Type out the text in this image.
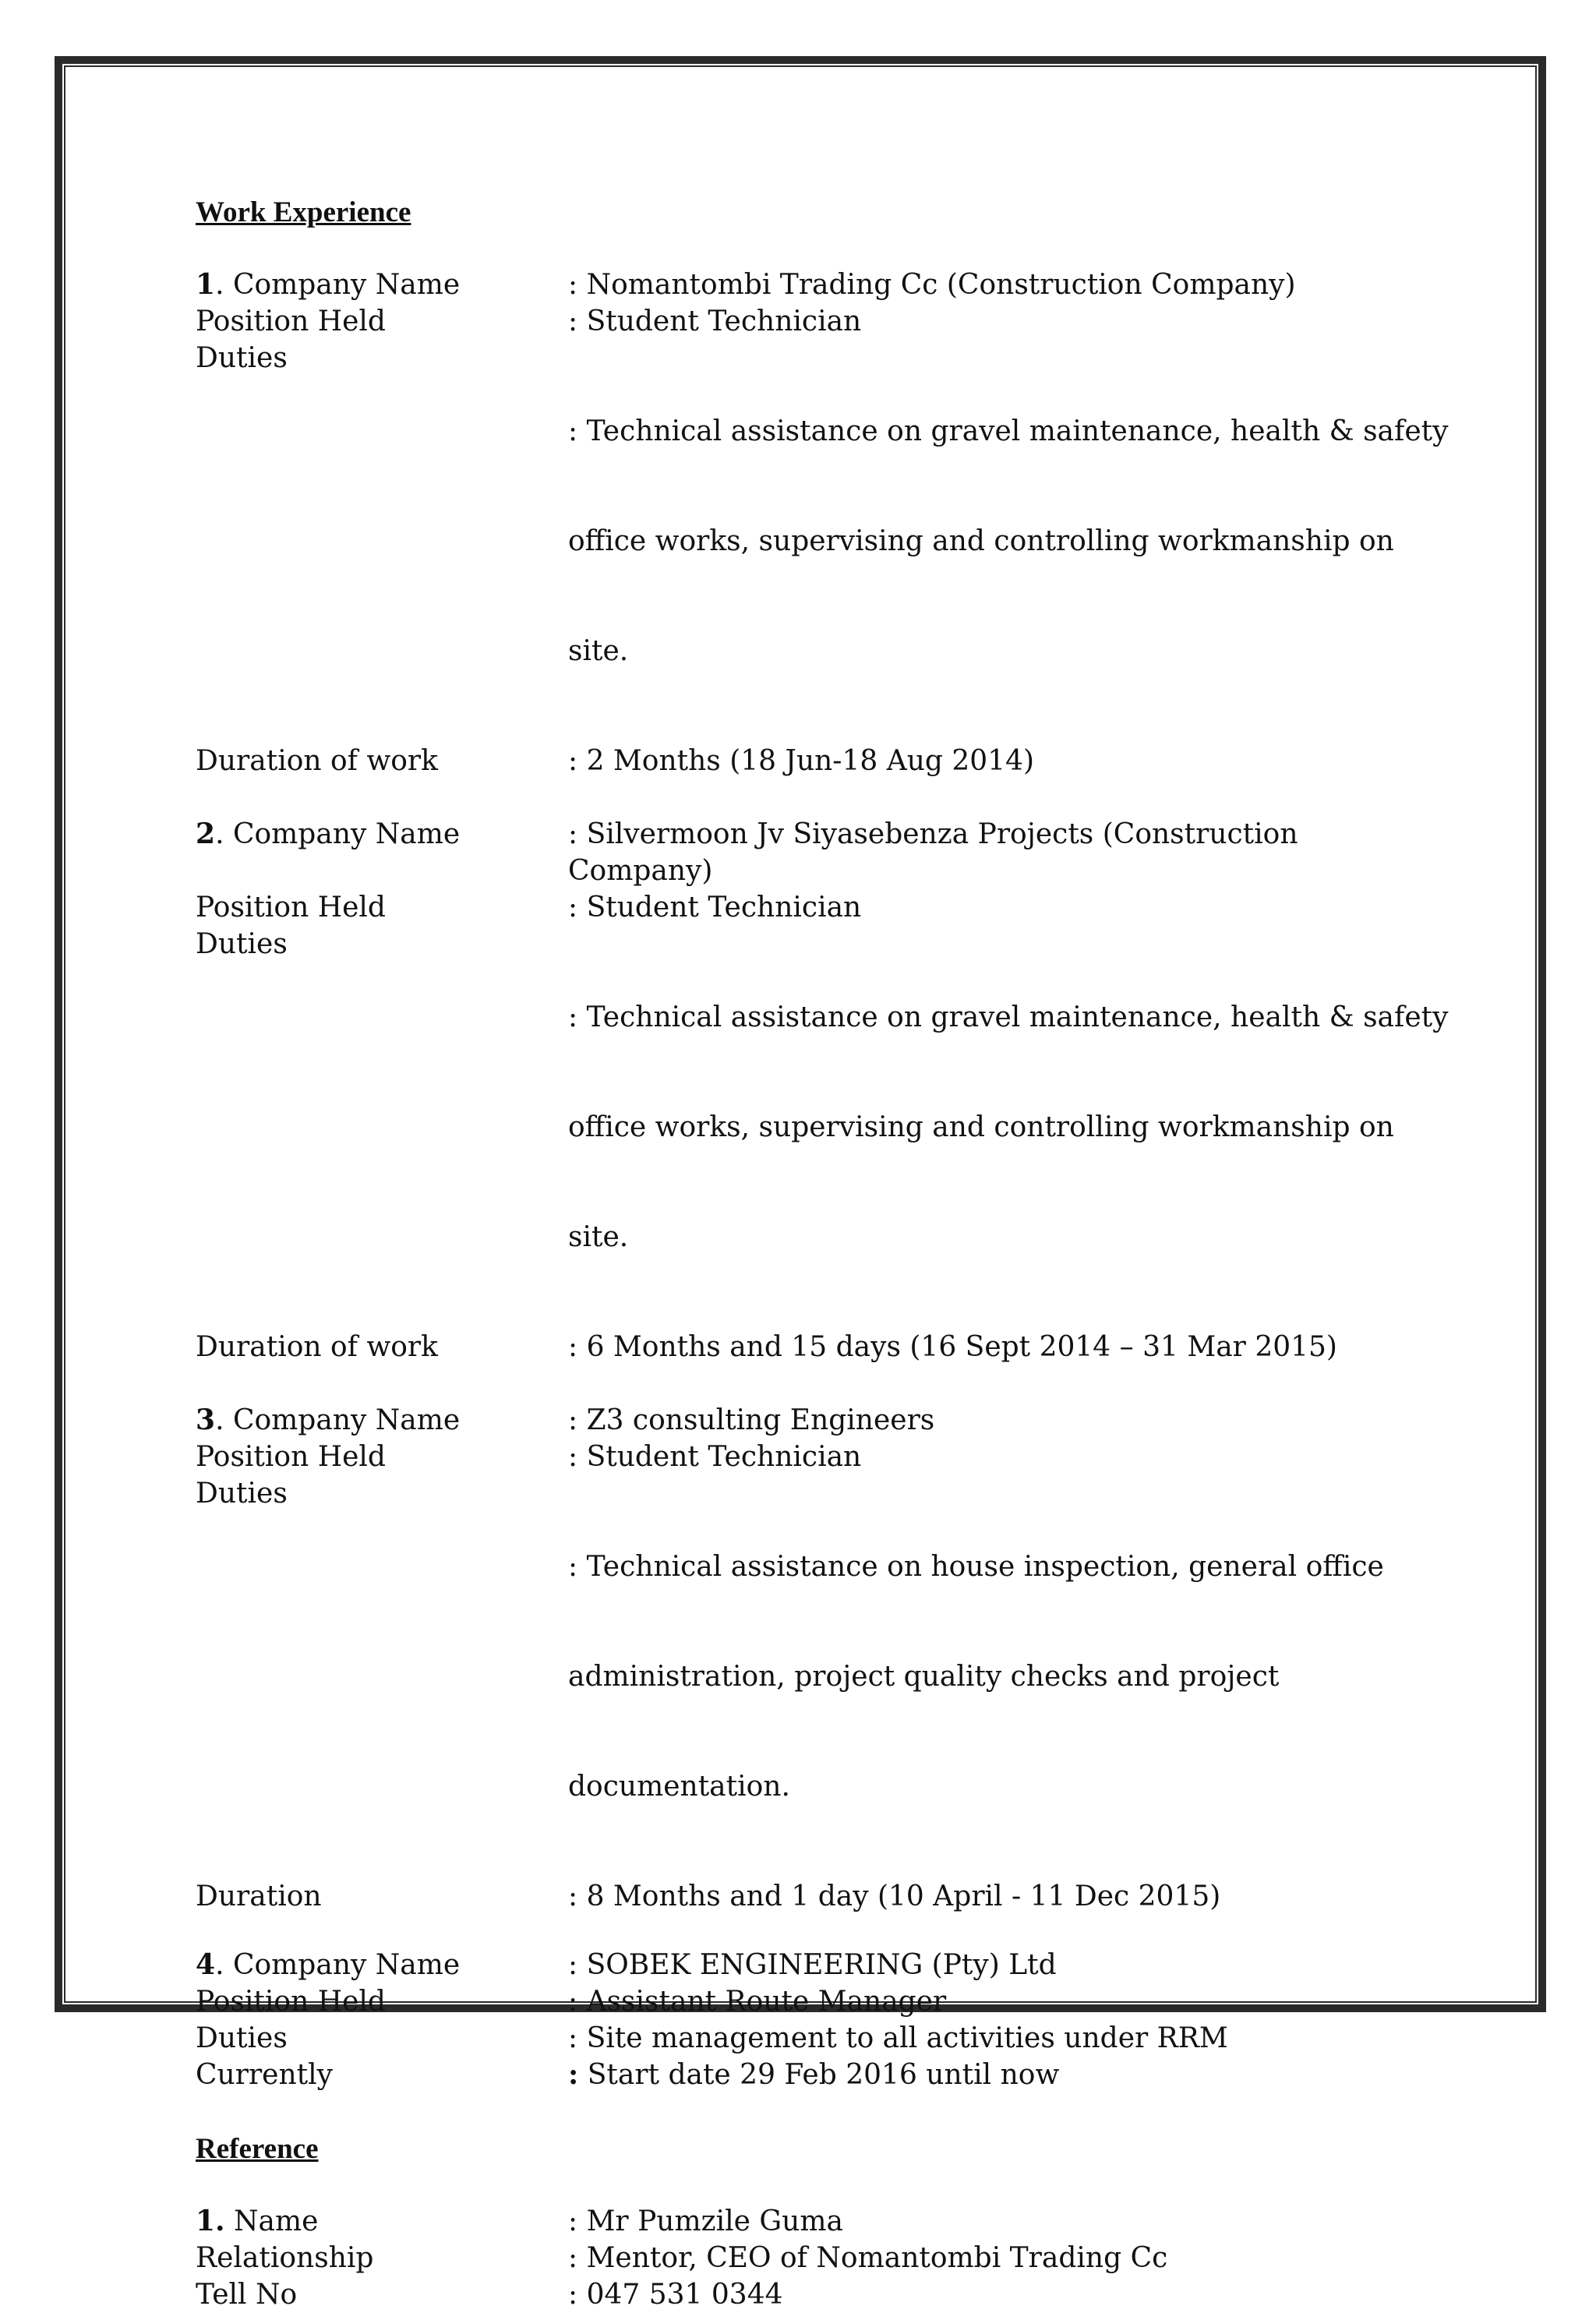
Work Experience
1. Company Name	: Nomantombi Trading Cc (Construction Company)
Position Held	: Student Technician
Duties

: Technical assistance on gravel maintenance, health & safety

office works, supervising and controlling workmanship on

site.

Duration of work	: 2 Months (18 Jun-18 Aug 2014)
2. Company Name	: Silvermoon Jv Siyasebenza Projects (Construction Company)
Position Held	: Student Technician
Duties

: Technical assistance on gravel maintenance, health & safety

office works, supervising and controlling workmanship on

site.

Duration of work	: 6 Months and 15 days (16 Sept 2014 – 31 Mar 2015)
3. Company Name	: Z3 consulting Engineers
Position Held	: Student Technician
Duties

: Technical assistance on house inspection, general office

administration, project quality checks and project

documentation.

Duration	: 8 Months and 1 day (10 April - 11 Dec 2015)
4. Company Name	: SOBEK ENGINEERING (Pty) Ltd
Position Held	: Assistant Route Manager
Duties	: Site management to all activities under RRM
Currently	: Start date 29 Feb 2016 until now
Reference
1. Name	: Mr Pumzile Guma
Relationship	: Mentor, CEO of Nomantombi Trading Cc
Tell No	: 047 531 0344
